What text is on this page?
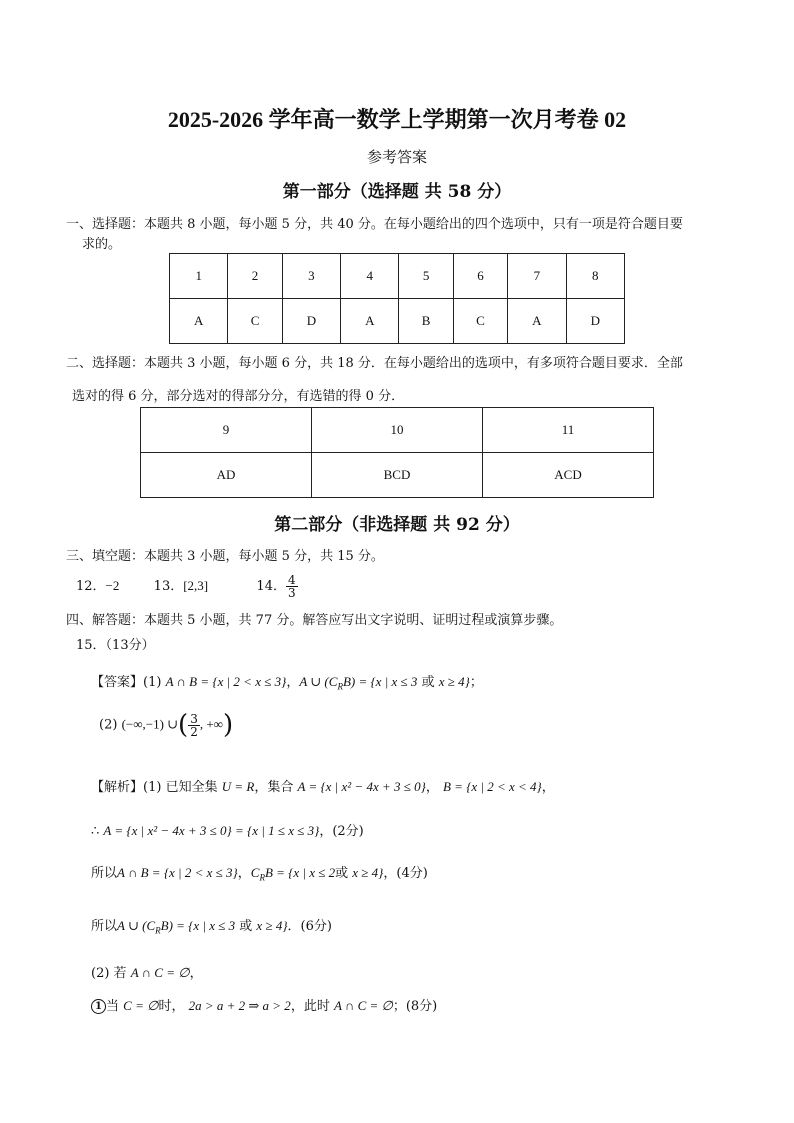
2025-2026 学年高一数学上学期第一次月考卷 02
参考答案
第一部分（选择题 共 58 分）
一、选择题：本题共 8 小题，每小题 5 分，共 40 分。在每小题给出的四个选项中，只有一项是符合题目要
求的。
1	2	3	4	5	6	7	8
A	C	D	A	B	C	A	D
二、选择题：本题共 3 小题，每小题 6 分，共 18 分．在每小题给出的选项中，有多项符合题目要求．全部
选对的得 6 分，部分选对的得部分分，有选错的得 0 分．
9	10	11
AD	BCD	ACD
第二部分（非选择题 共 92 分）
三、填空题：本题共 3 小题，每小题 5 分，共 15 分。
12．−2	13．[2,3]	14． $\frac{4}{3}$
四、解答题：本题共 5 小题，共 77 分。解答应写出文字说明、证明过程或演算步骤。
15．（13分）
【答案】(1) A ∩ B = {x | 2 < x ≤ 3}，A ∪ $(C_RB) = \{x$ | x ≤ 3 或 x ≥ 4}；
(2) (−∞,−1) ∪( $\frac{3}{2}$ , +∞)
【解析】(1) 已知全集 U = R，集合 A = {x | x² − 4x + 3 ≤ 0}， B = {x | 2 < x < 4}，
∴ A = {x | x² − 4x + 3 ≤ 0} = {x | 1 ≤ x ≤ 3}，(2分)
所以A ∩ B = {x | 2 < x ≤ 3}，$C_RB = \{x$ | x ≤ 2或 x ≥ 4}，(4分)
所以A ∪ $(C_RB) = \{x$ | x ≤ 3 或 x ≥ 4}．(6分)
(2) 若 A ∩ C = ∅，
1 当 C = ∅时， 2a > a + 2 ⇒ a > 2，此时 A ∩ C = ∅；(8分)
